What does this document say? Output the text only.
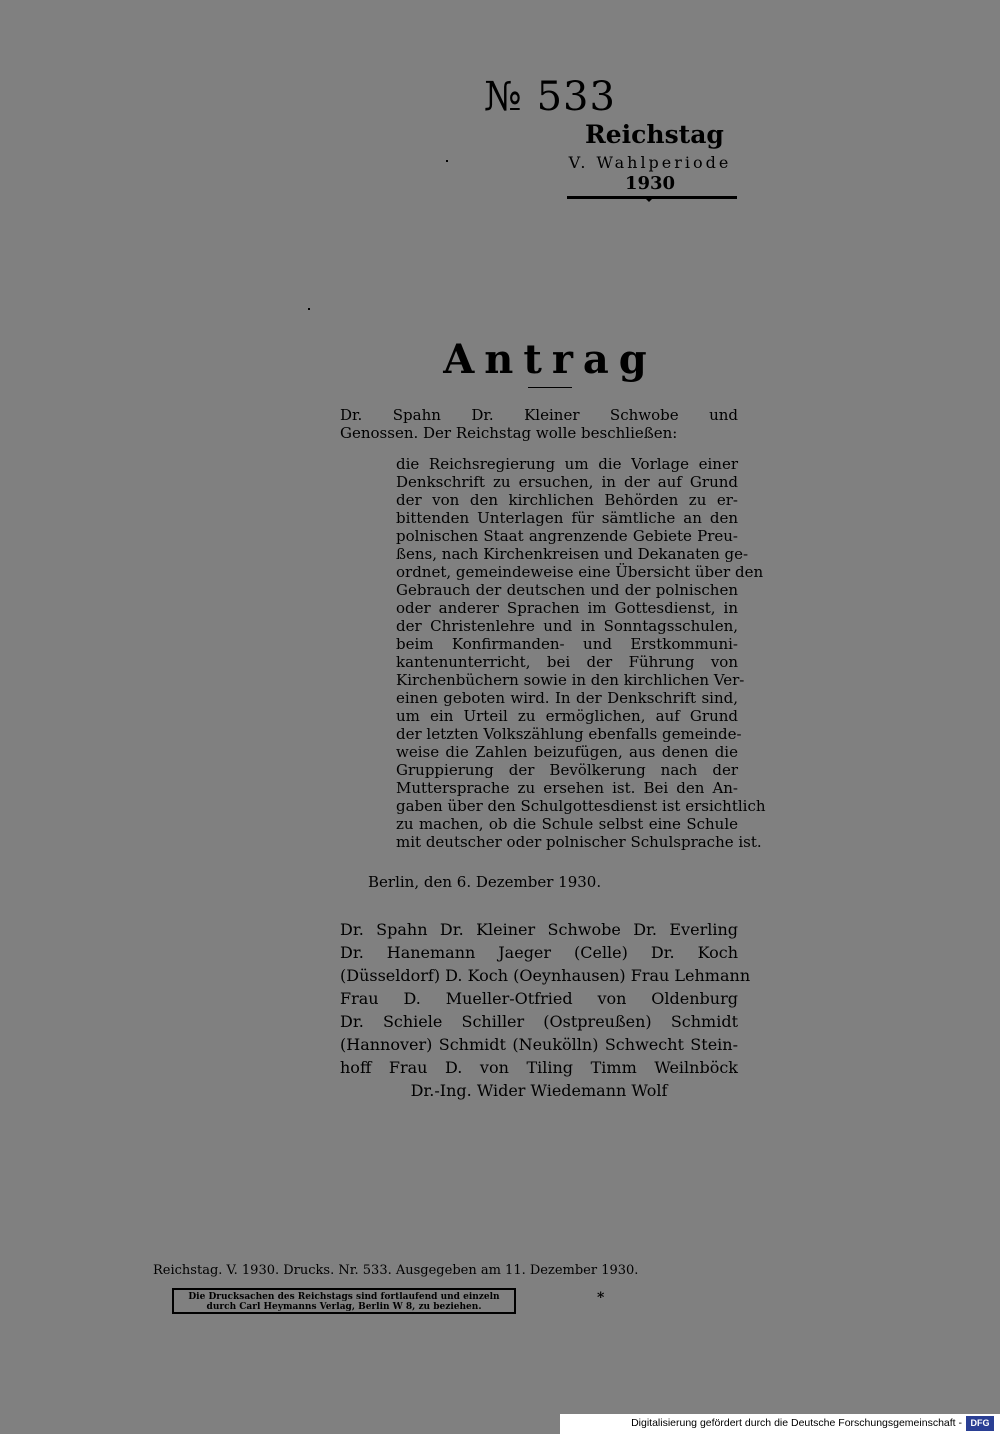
№ 533
Reichstag
V. Wahlperiode
1930
Antrag
Dr. Spahn Dr. Kleiner Schwobe und
Genossen. Der Reichstag wolle beschließen:
die Reichsregierung um die Vorlage einer
Denkschrift zu ersuchen, in der auf Grund
der von den kirchlichen Behörden zu er-
bittenden Unterlagen für sämtliche an den
polnischen Staat angrenzende Gebiete Preu-
ßens, nach Kirchenkreisen und Dekanaten ge-
ordnet, gemeindeweise eine Übersicht über den
Gebrauch der deutschen und der polnischen
oder anderer Sprachen im Gottesdienst, in
der Christenlehre und in Sonntagsschulen,
beim Konfirmanden- und Erstkommuni-
kantenunterricht, bei der Führung von
Kirchenbüchern sowie in den kirchlichen Ver-
einen geboten wird. In der Denkschrift sind,
um ein Urteil zu ermöglichen, auf Grund
der letzten Volkszählung ebenfalls gemeinde-
weise die Zahlen beizufügen, aus denen die
Gruppierung der Bevölkerung nach der
Muttersprache zu ersehen ist. Bei den An-
gaben über den Schulgottesdienst ist ersichtlich
zu machen, ob die Schule selbst eine Schule
mit deutscher oder polnischer Schulsprache ist.
Berlin, den 6. Dezember 1930.
Dr. Spahn Dr. Kleiner Schwobe Dr. Everling
Dr. Hanemann Jaeger (Celle) Dr. Koch
(Düsseldorf) D. Koch (Oeynhausen) Frau Lehmann
Frau D. Mueller-Otfried von Oldenburg
Dr. Schiele Schiller (Ostpreußen) Schmidt
(Hannover) Schmidt (Neukölln) Schwecht Stein-
hoff Frau D. von Tiling Timm Weilnböck
Dr.-Ing. Wider Wiedemann Wolf
Reichstag. V. 1930. Drucks. Nr. 533. Ausgegeben am 11. Dezember 1930.
Die Drucksachen des Reichstags sind fortlaufend und einzeln
durch Carl Heymanns Verlag, Berlin W 8, zu beziehen.
*
Digitalisierung gefördert durch die Deutsche Forschungsgemeinschaft - DFG
